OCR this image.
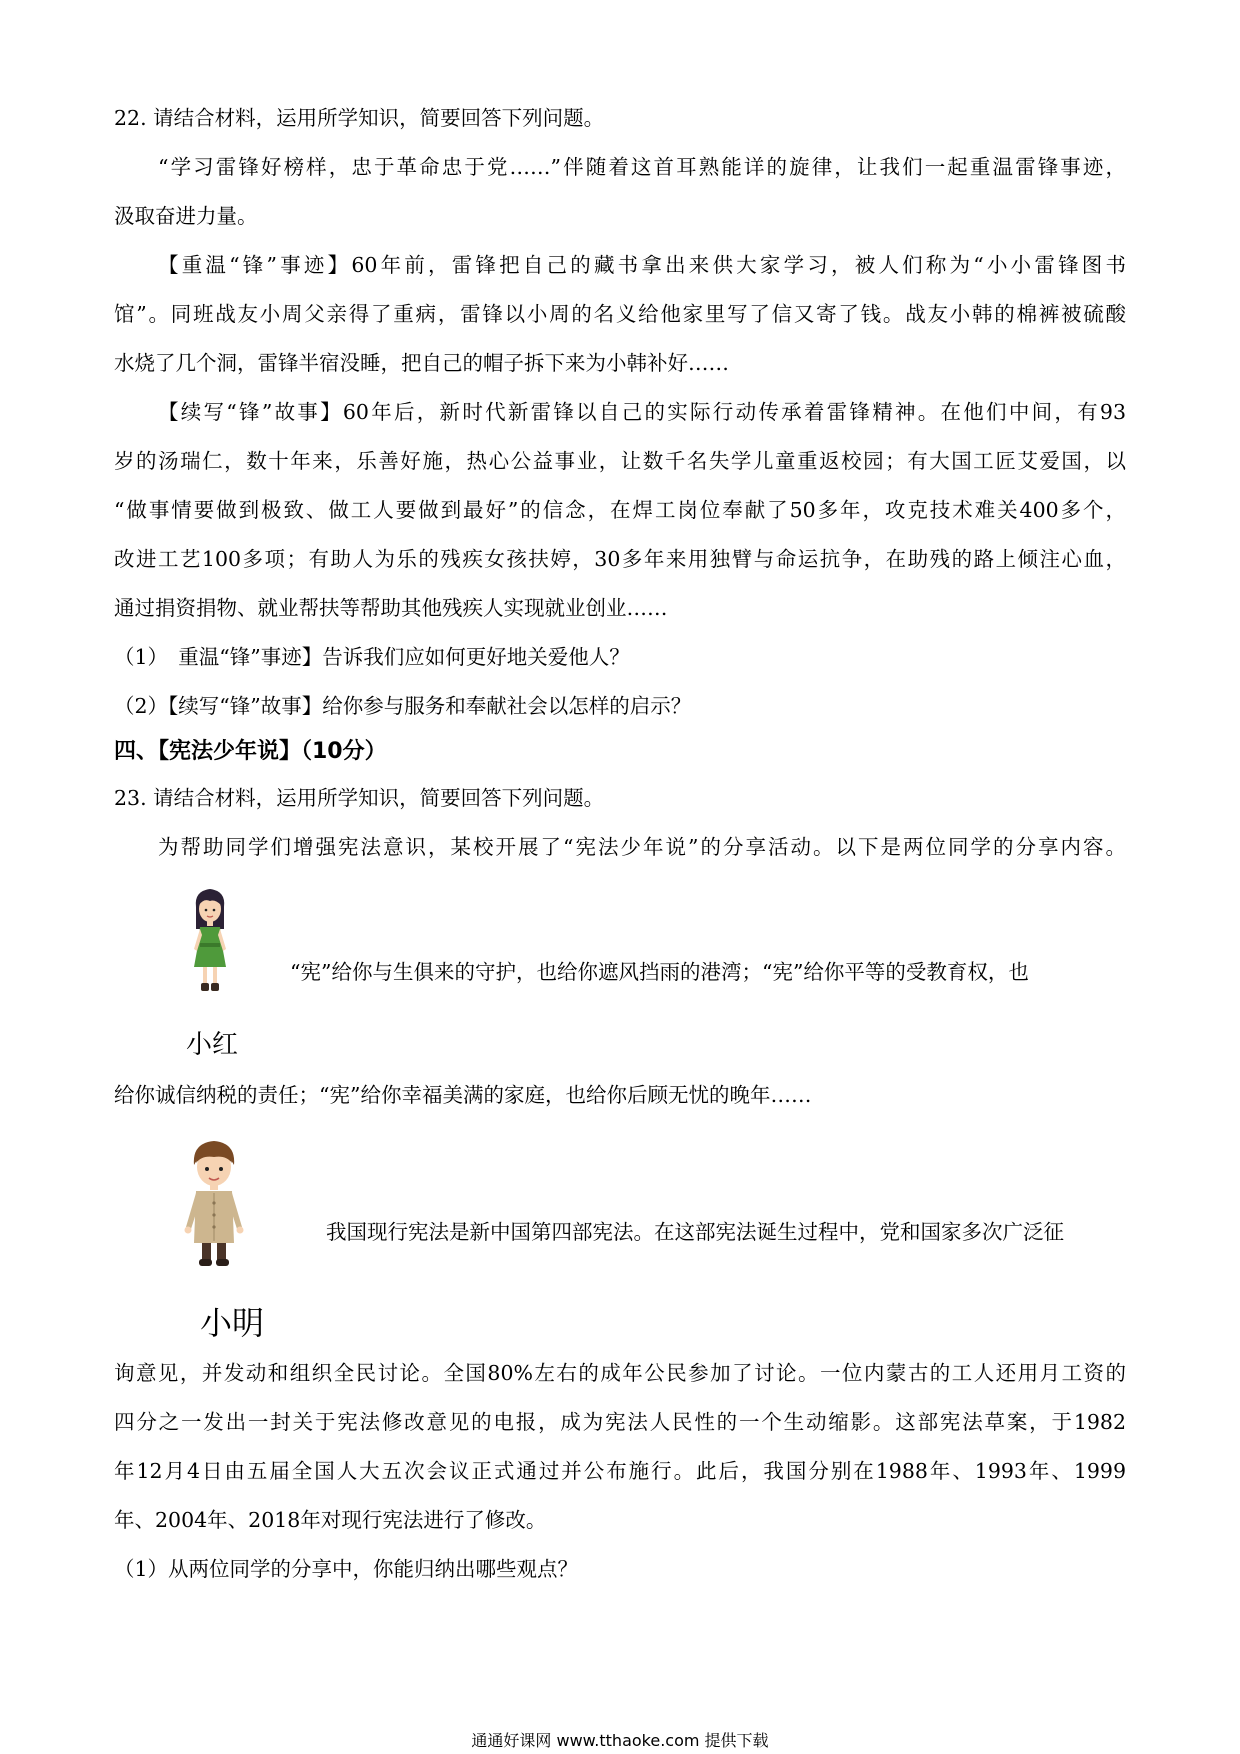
22. 请结合材料，运用所学知识，简要回答下列问题。
“学习雷锋好榜样，忠于革命忠于党……”伴随着这首耳熟能详的旋律，让我们一起重温雷锋事迹，
汲取奋进力量。
【重温“锋”事迹】60年前，雷锋把自己的藏书拿出来供大家学习，被人们称为“小小雷锋图书
馆”。同班战友小周父亲得了重病，雷锋以小周的名义给他家里写了信又寄了钱。战友小韩的棉裤被硫酸
水烧了几个洞，雷锋半宿没睡，把自己的帽子拆下来为小韩补好……
【续写“锋”故事】60年后，新时代新雷锋以自己的实际行动传承着雷锋精神。在他们中间，有93
岁的汤瑞仁，数十年来，乐善好施，热心公益事业，让数千名失学儿童重返校园；有大国工匠艾爱国，以
“做事情要做到极致、做工人要做到最好”的信念，在焊工岗位奉献了50多年，攻克技术难关400多个，
改进工艺100多项；有助人为乐的残疾女孩扶婷，30多年来用独臂与命运抗争，在助残的路上倾注心血，
通过捐资捐物、就业帮扶等帮助其他残疾人实现就业创业……
（1）　重温“锋”事迹】告诉我们应如何更好地关爱他人？
（2）【续写“锋”故事】给你参与服务和奉献社会以怎样的启示？
四、【宪法少年说】（10分）
23. 请结合材料，运用所学知识，简要回答下列问题。
为帮助同学们增强宪法意识，某校开展了“宪法少年说”的分享活动。以下是两位同学的分享内容。
“宪”给你与生俱来的守护，也给你遮风挡雨的港湾；“宪”给你平等的受教育权，也
小红
给你诚信纳税的责任；“宪”给你幸福美满的家庭，也给你后顾无忧的晚年……
我国现行宪法是新中国第四部宪法。在这部宪法诞生过程中，党和国家多次广泛征
小明
询意见，并发动和组织全民讨论。全国80%左右的成年公民参加了讨论。一位内蒙古的工人还用月工资的
四分之一发出一封关于宪法修改意见的电报，成为宪法人民性的一个生动缩影。这部宪法草案，于1982
年12月4日由五届全国人大五次会议正式通过并公布施行。此后，我国分别在1988年、1993年、1999
年、2004年、2018年对现行宪法进行了修改。
（1）从两位同学的分享中，你能归纳出哪些观点？
通通好课网 www.tthaoke.com 提供下载
